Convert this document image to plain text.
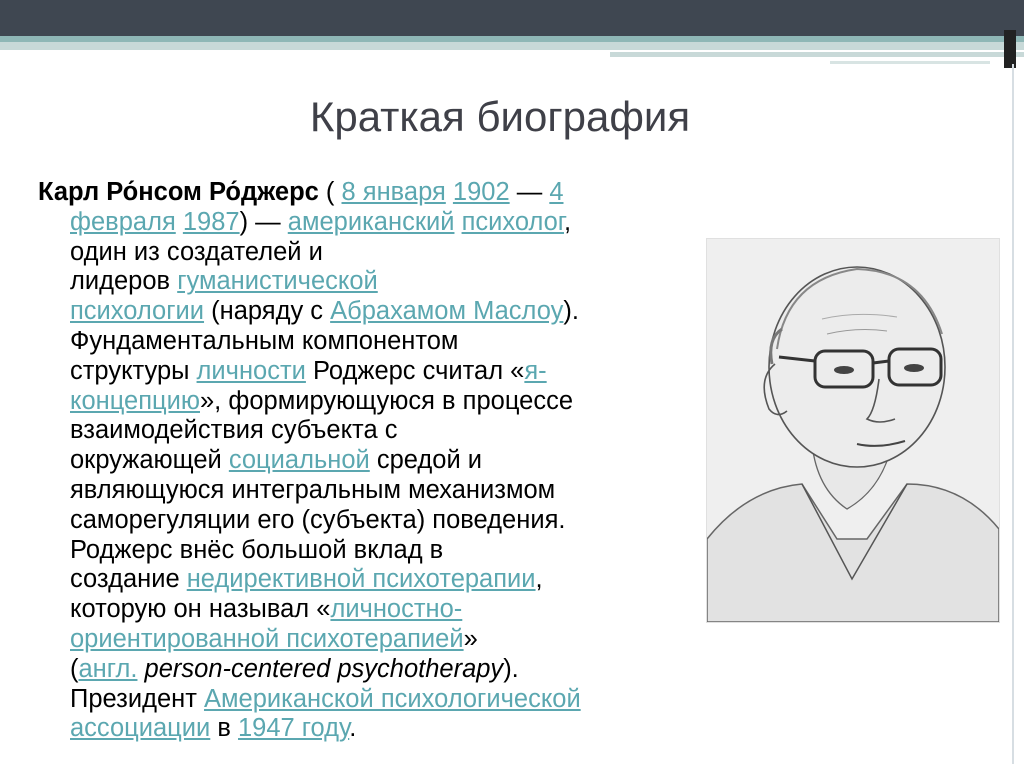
Краткая биография
Карл Ро́нсом Ро́джерс ( 8 января 1902 — 4
февраля 1987) — американский психолог,
один из создателей и
лидеров гуманистической
психологии (наряду с Абрахамом Маслоу).
Фундаментальным компонентом
структуры личности Роджерс считал «я-
концепцию», формирующуюся в процессе
взаимодействия субъекта с
окружающей социальной средой и
являющуюся интегральным механизмом
саморегуляции его (субъекта) поведения.
Роджерс внёс большой вклад в
создание недирективной психотерапии,
которую он называл «личностно-
ориентированной психотерапией»
(англ. person-centered psychotherapy).
Президент Американской психологической
ассоциации в 1947 году.
